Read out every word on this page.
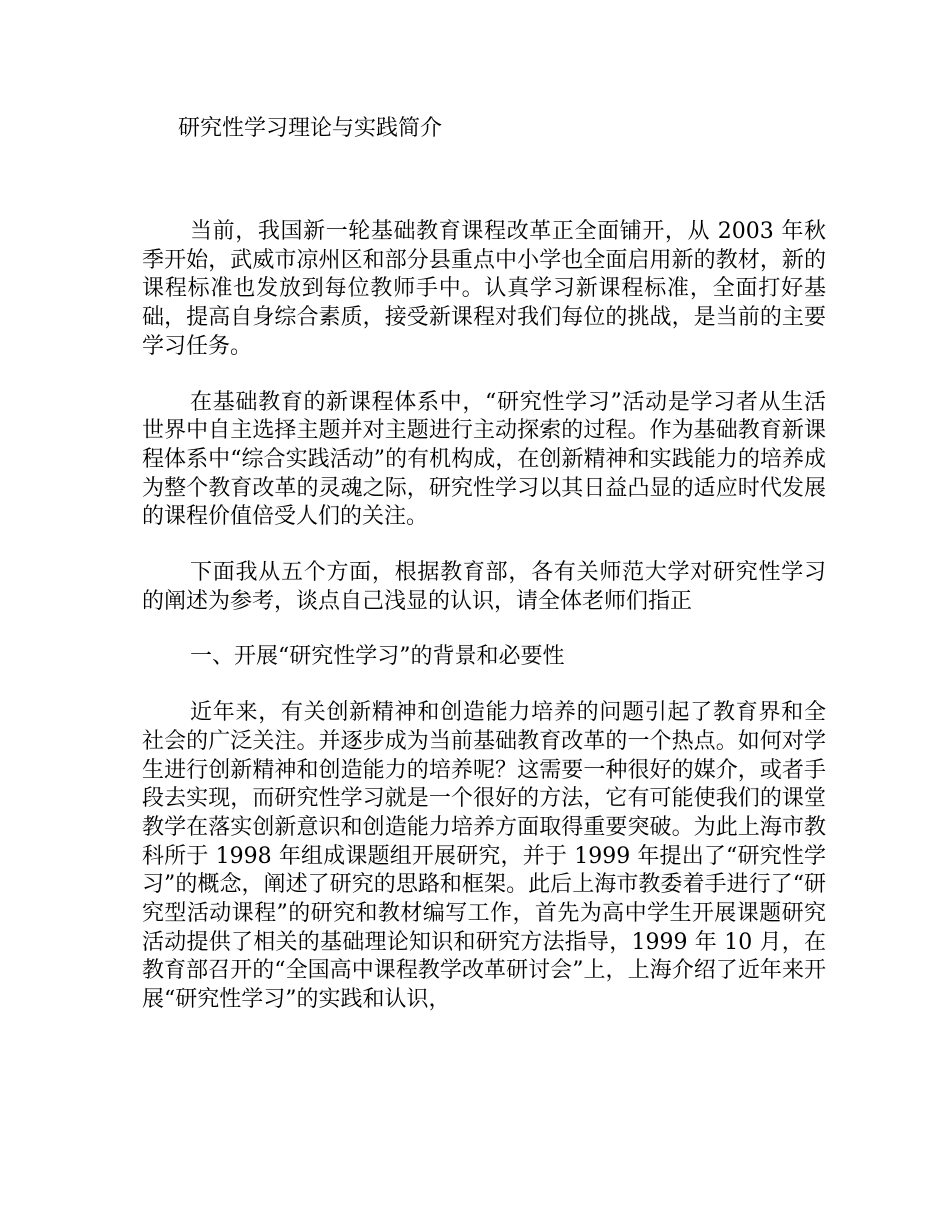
研究性学习理论与实践简介

当前，我国新一轮基础教育课程改革正全面铺开，从 2003 年秋季开始，武威市凉州区和部分县重点中小学也全面启用新的教材，新的课程标准也发放到每位教师手中。认真学习新课程标准，全面打好基础，提高自身综合素质，接受新课程对我们每位的挑战，是当前的主要学习任务。

在基础教育的新课程体系中，“研究性学习”活动是学习者从生活世界中自主选择主题并对主题进行主动探索的过程。作为基础教育新课程体系中“综合实践活动”的有机构成，在创新精神和实践能力的培养成为整个教育改革的灵魂之际，研究性学习以其日益凸显的适应时代发展的课程价值倍受人们的关注。

下面我从五个方面，根据教育部，各有关师范大学对研究性学习的阐述为参考，谈点自己浅显的认识，请全体老师们指正

一、开展“研究性学习”的背景和必要性

近年来，有关创新精神和创造能力培养的问题引起了教育界和全社会的广泛关注。并逐步成为当前基础教育改革的一个热点。如何对学生进行创新精神和创造能力的培养呢？这需要一种很好的媒介，或者手段去实现，而研究性学习就是一个很好的方法，它有可能使我们的课堂教学在落实创新意识和创造能力培养方面取得重要突破。为此上海市教科所于 1998 年组成课题组开展研究，并于 1999 年提出了“研究性学习”的概念，阐述了研究的思路和框架。此后上海市教委着手进行了“研究型活动课程”的研究和教材编写工作，首先为高中学生开展课题研究活动提供了相关的基础理论知识和研究方法指导，1999 年 10 月，在教育部召开的“全国高中课程教学改革研讨会”上，上海介绍了近年来开展“研究性学习”的实践和认识，
